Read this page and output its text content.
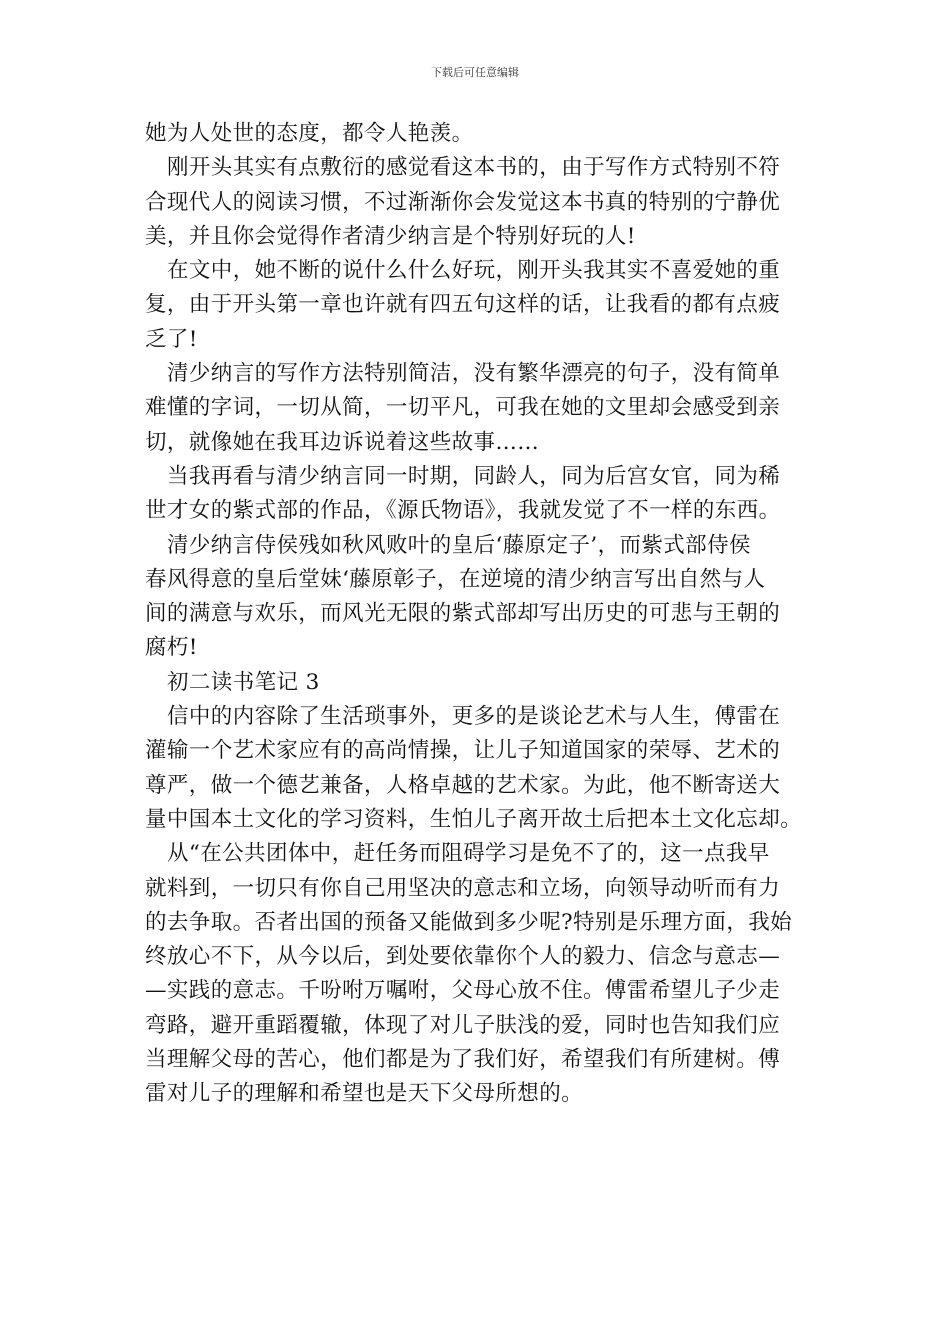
下载后可任意编辑
她为人处世的态度，都令人艳羡。
刚开头其实有点敷衍的感觉看这本书的，由于写作方式特别不符
合现代人的阅读习惯，不过渐渐你会发觉这本书真的特别的宁静优
美，并且你会觉得作者清少纳言是个特别好玩的人!
在文中，她不断的说什么什么好玩，刚开头我其实不喜爱她的重
复，由于开头第一章也许就有四五句这样的话，让我看的都有点疲
乏了!
清少纳言的写作方法特别简洁，没有繁华漂亮的句子，没有简单
难懂的字词，一切从简，一切平凡，可我在她的文里却会感受到亲
切，就像她在我耳边诉说着这些故事……
当我再看与清少纳言同一时期，同龄人，同为后宫女官，同为稀
世才女的紫式部的作品，《源氏物语》，我就发觉了不一样的东西。
清少纳言侍侯残如秋风败叶的皇后‘藤原定子’，而紫式部侍侯
春风得意的皇后堂妹‘藤原彰子，在逆境的清少纳言写出自然与人
间的满意与欢乐，而风光无限的紫式部却写出历史的可悲与王朝的
腐朽!
初二读书笔记 3
信中的内容除了生活琐事外，更多的是谈论艺术与人生，傅雷在
灌输一个艺术家应有的高尚情操，让儿子知道国家的荣辱、艺术的
尊严，做一个德艺兼备，人格卓越的艺术家。为此，他不断寄送大
量中国本土文化的学习资料，生怕儿子离开故土后把本土文化忘却。
从“在公共团体中，赶任务而阻碍学习是免不了的，这一点我早
就料到，一切只有你自己用坚决的意志和立场，向领导动听而有力
的去争取。否者出国的预备又能做到多少呢?特别是乐理方面，我始
终放心不下，从今以后，到处要依靠你个人的毅力、信念与意志—
—实践的意志。千吩咐万嘱咐，父母心放不住。傅雷希望儿子少走
弯路，避开重蹈覆辙，体现了对儿子肤浅的爱，同时也告知我们应
当理解父母的苦心，他们都是为了我们好，希望我们有所建树。傅
雷对儿子的理解和希望也是天下父母所想的。
